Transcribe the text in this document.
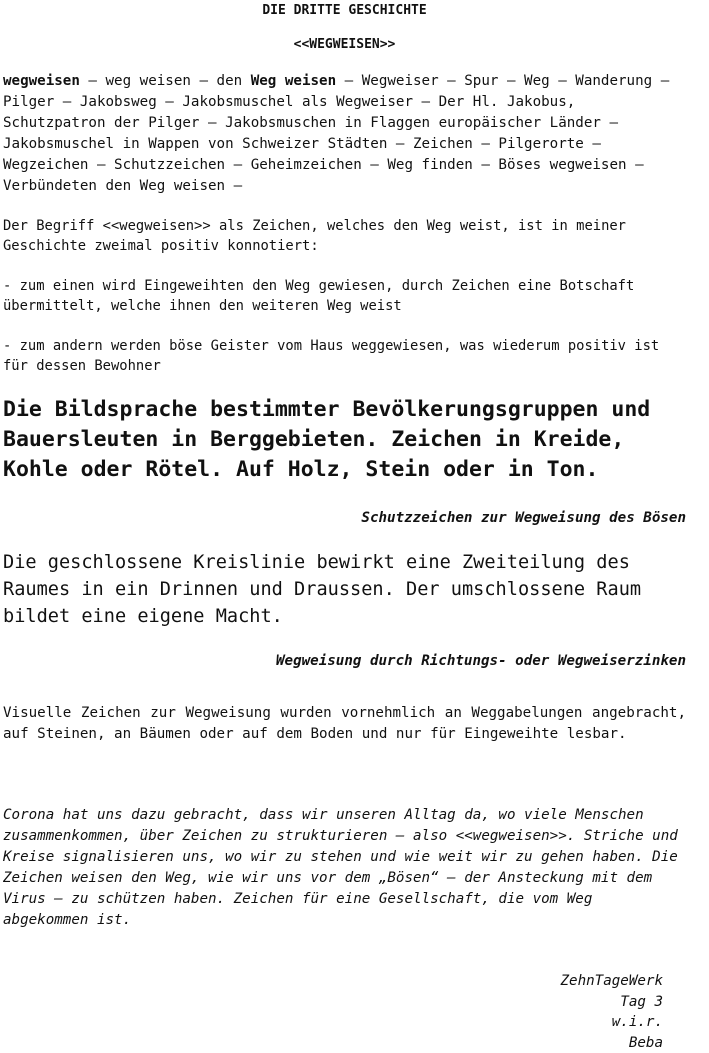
DIE DRITTE GESCHICHTE
<<WEGWEISEN>>

wegweisen – weg weisen – den Weg weisen – Wegweiser – Spur – Weg – Wanderung – Pilger – Jakobsweg – Jakobsmuschel als Wegweiser – Der Hl. Jakobus, Schutzpatron der Pilger – Jakobsmuschen in Flaggen europäischer Länder – Jakobsmuschel in Wappen von Schweizer Städten – Zeichen – Pilgerorte – Wegzeichen – Schutzzeichen – Geheimzeichen – Weg finden – Böses wegweisen – Verbündeten den Weg weisen –

Der Begriff <<wegweisen>> als Zeichen, welches den Weg weist, ist in meiner Geschichte zweimal positiv konnotiert:

- zum einen wird Eingeweihten den Weg gewiesen, durch Zeichen eine Botschaft übermittelt, welche ihnen den weiteren Weg weist

- zum andern werden böse Geister vom Haus weggewiesen, was wiederum positiv ist für dessen Bewohner

Die Bildsprache bestimmter Bevölkerungsgruppen und Bauersleuten in Berggebieten. Zeichen in Kreide, Kohle oder Rötel. Auf Holz, Stein oder in Ton.

Schutzzeichen zur Wegweisung des Bösen

Die geschlossene Kreislinie bewirkt eine Zweiteilung des Raumes in ein Drinnen und Draussen. Der umschlossene Raum bildet eine eigene Macht.

Wegweisung durch Richtungs- oder Wegweiserzinken

Visuelle Zeichen zur Wegweisung wurden vornehmlich an Weggabelungen angebracht, auf Steinen, an Bäumen oder auf dem Boden und nur für Eingeweihte lesbar.

Corona hat uns dazu gebracht, dass wir unseren Alltag da, wo viele Menschen zusammenkommen, über Zeichen zu strukturieren – also <<wegweisen>>. Striche und Kreise signalisieren uns, wo wir zu stehen und wie weit wir zu gehen haben. Die Zeichen weisen den Weg, wie wir uns vor dem „Bösen“ – der Ansteckung mit dem Virus – zu schützen haben. Zeichen für eine Gesellschaft, die vom Weg abgekommen ist.

ZehnTageWerk
Tag 3
w.i.r.
Beba
